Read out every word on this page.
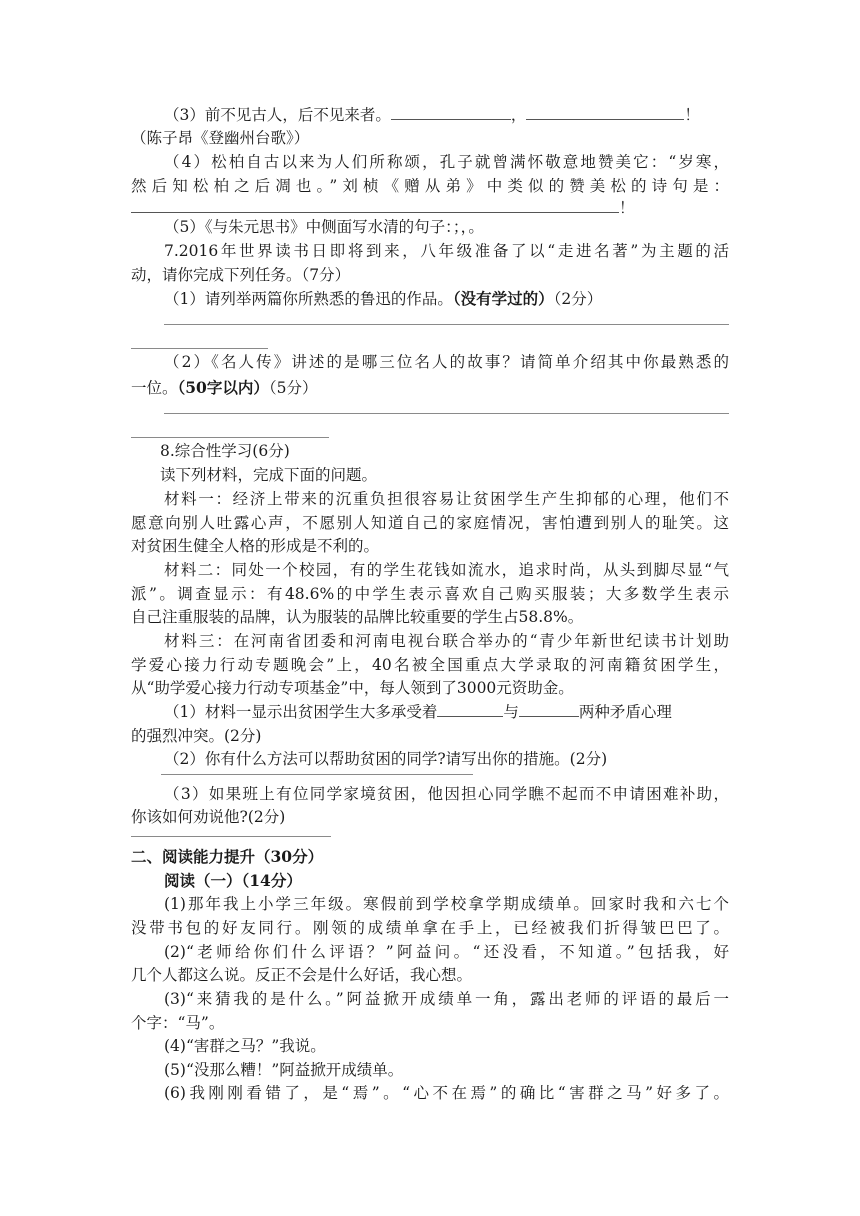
（3）前不见古人，后不见来者。	，	！
（陈子昂《登幽州台歌》）
（4）松柏自古以来为人们所称颂，孔子就曾满怀敬意地赞美它：“岁寒，
然后知松柏之后凋也。”刘桢《赠从弟》中类似的赞美松的诗句是：
！
（5）《与朱元思书》中侧面写水清的句子：；，。
7.2016年世界读书日即将到来，八年级准备了以“走进名著”为主题的活
动，请你完成下列任务。（7分）
（1）请列举两篇你所熟悉的鲁迅的作品。（没有学过的）（2分）
（2）《名人传》讲述的是哪三位名人的故事？请简单介绍其中你最熟悉的
一位。（50字以内）（5分）
8.综合性学习(6分)
读下列材料，完成下面的问题。
材料一：经济上带来的沉重负担很容易让贫困学生产生抑郁的心理，他们不
愿意向别人吐露心声，不愿别人知道自己的家庭情况，害怕遭到别人的耻笑。这
对贫困生健全人格的形成是不利的。
材料二：同处一个校园，有的学生花钱如流水，追求时尚，从头到脚尽显“气
派”。调查显示：有48.6%的中学生表示喜欢自己购买服装；大多数学生表示
自己注重服装的品牌，认为服装的品牌比较重要的学生占58.8%。
材料三：在河南省团委和河南电视台联合举办的“青少年新世纪读书计划助
学爱心接力行动专题晚会”上，40名被全国重点大学录取的河南籍贫困学生，
从“助学爱心接力行动专项基金”中，每人领到了3000元资助金。
（1）材料一显示出贫困学生大多承受着	与	两种矛盾心理
的强烈冲突。(2分)
（2）你有什么方法可以帮助贫困的同学?请写出你的措施。(2分)
（3）如果班上有位同学家境贫困，他因担心同学瞧不起而不申请困难补助，
你该如何劝说他?(2分)
二、阅读能力提升（30分）
阅读（一）（14分）
(1)那年我上小学三年级。寒假前到学校拿学期成绩单。回家时我和六七个
没带书包的好友同行。刚领的成绩单拿在手上，已经被我们折得皱巴巴了。
(2)“老师给你们什么评语？”阿益问。“还没看，不知道。”包括我，好
几个人都这么说。反正不会是什么好话，我心想。
(3)“来猜我的是什么。”阿益掀开成绩单一角，露出老师的评语的最后一
个字：“马”。
(4)“害群之马？”我说。
(5)“没那么糟！”阿益掀开成绩单。
(6)我刚刚看错了，是“焉”。“心不在焉”的确比“害群之马”好多了。
